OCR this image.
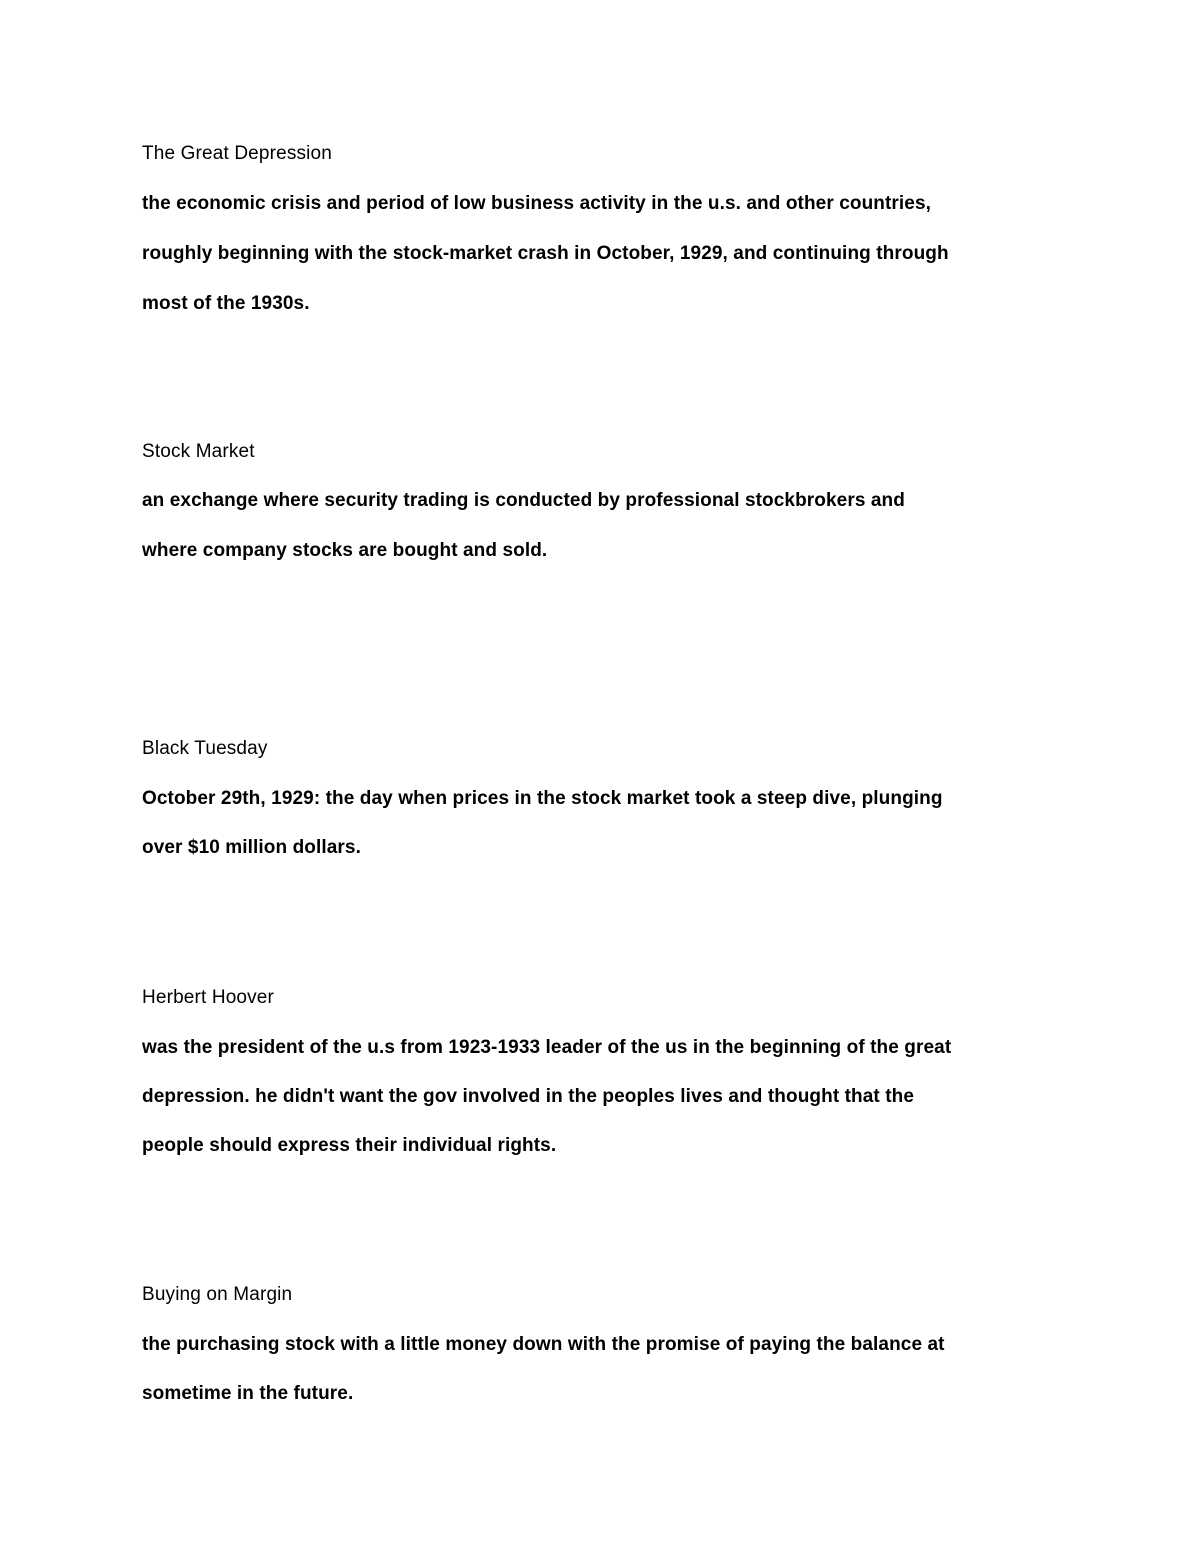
The Great Depression

the economic crisis and period of low business activity in the u.s. and other countries,

roughly beginning with the stock-market crash in October, 1929, and continuing through

most of the 1930s.

Stock Market

an exchange where security trading is conducted by professional stockbrokers and

where company stocks are bought and sold.

Black Tuesday

October 29th, 1929: the day when prices in the stock market took a steep dive, plunging

over $10 million dollars.

Herbert Hoover

was the president of the u.s from 1923-1933 leader of the us in the beginning of the great

depression. he didn't want the gov involved in the peoples lives and thought that the

people should express their individual rights.

Buying on Margin

the purchasing stock with a little money down with the promise of paying the balance at

sometime in the future.
